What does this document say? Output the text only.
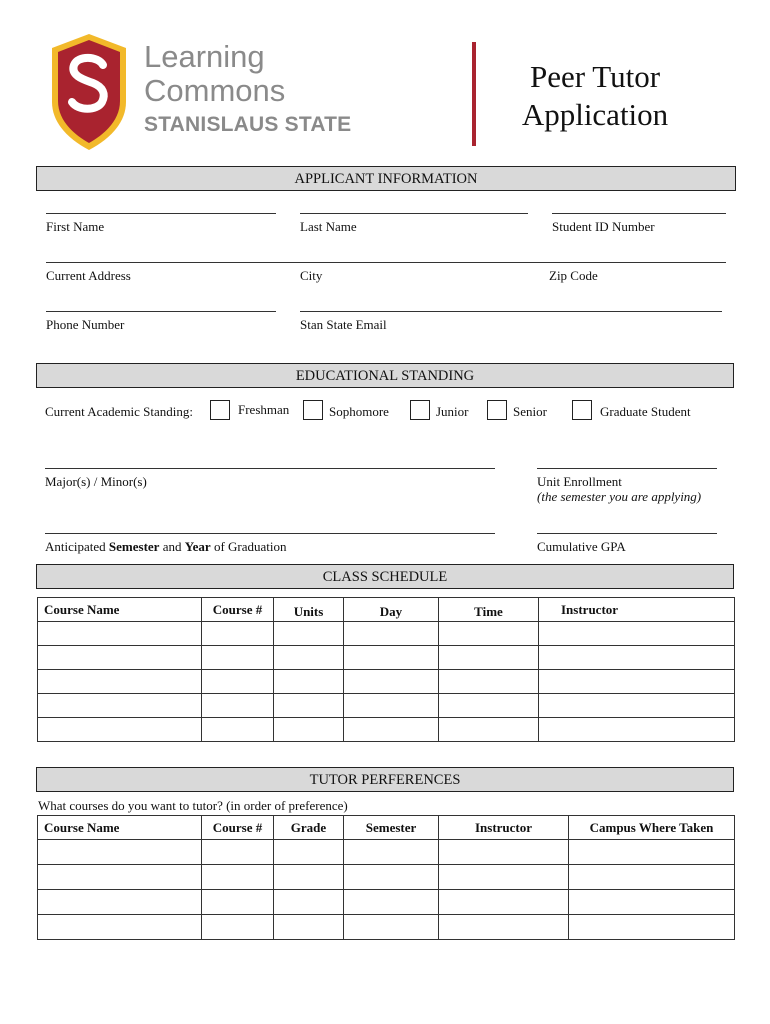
Learning
Commons
STANISLAUS STATE
Peer Tutor
Application
APPLICANT INFORMATION
First Name	Last Name	Student ID Number
Current Address	City	Zip Code
Phone Number	Stan State Email
EDUCATIONAL STANDING
Current Academic Standing:	Freshman	Sophomore	Junior	Senior	Graduate Student
Major(s) / Minor(s)	Unit Enrollment
(the semester you are applying)
Anticipated Semester and Year of Graduation	Cumulative GPA
CLASS SCHEDULE
Course Name	Course #	Units	Day	Time	Instructor

TUTOR PERFERENCES
What courses do you want to tutor? (in order of preference)
Course Name	Course #	Grade	Semester	Instructor	Campus Where Taken
